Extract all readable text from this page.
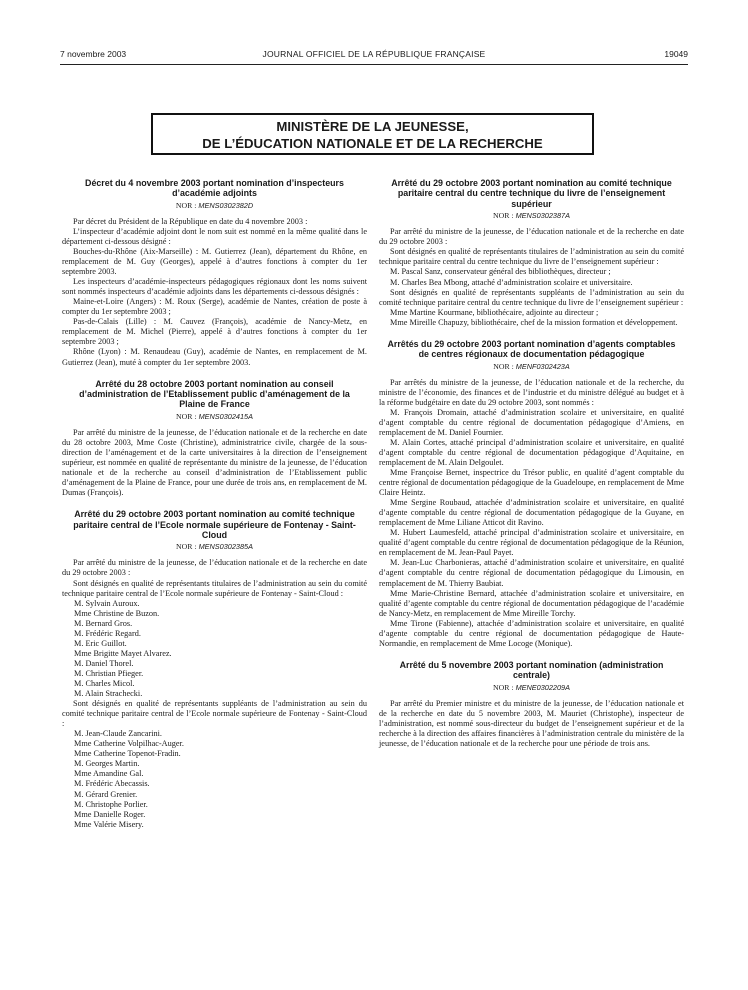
7 novembre 2003	JOURNAL OFFICIEL DE LA RÉPUBLIQUE FRANÇAISE	19049
MINISTÈRE DE LA JEUNESSE,
DE L’ÉDUCATION NATIONALE ET DE LA RECHERCHE
Décret du 4 novembre 2003 portant nomination d’inspecteurs d’académie adjoints
NOR : MENS0302382D

Par décret du Président de la République en date du 4 novembre 2003 :

L’inspecteur d’académie adjoint dont le nom suit est nommé en la même qualité dans le département ci-dessous désigné :

Bouches-du-Rhône (Aix-Marseille) : M. Gutierrez (Jean), département du Rhône, en remplacement de M. Guy (Georges), appelé à d’autres fonctions à compter du 1er septembre 2003.

Les inspecteurs d’académie-inspecteurs pédagogiques régionaux dont les noms suivent sont nommés inspecteurs d’académie adjoints dans les départements ci-dessous désignés :

Maine-et-Loire (Angers) : M. Roux (Serge), académie de Nantes, création de poste à compter du 1er septembre 2003 ;

Pas-de-Calais (Lille) : M. Cauvez (François), académie de Nancy-Metz, en remplacement de M. Michel (Pierre), appelé à d’autres fonctions à compter du 1er septembre 2003 ;

Rhône (Lyon) : M. Renaudeau (Guy), académie de Nantes, en remplacement de M. Gutierrez (Jean), muté à compter du 1er septembre 2003.

Arrêté du 28 octobre 2003 portant nomination au conseil d’administration de l’Etablissement public d’aménagement de la Plaine de France
NOR : MENS0302415A

Par arrêté du ministre de la jeunesse, de l’éducation nationale et de la recherche en date du 28 octobre 2003, Mme Coste (Christine), administratrice civile, chargée de la sous-direction de l’aménagement et de la carte universitaires à la direction de l’enseignement supérieur, est nommée en qualité de représentante du ministre de la jeunesse, de l’éducation nationale et de la recherche au conseil d’administration de l’Etablissement public d’aménagement de la Plaine de France, pour une durée de trois ans, en remplacement de M. Dumas (François).

Arrêté du 29 octobre 2003 portant nomination au comité technique paritaire central de l’Ecole normale supérieure de Fontenay - Saint-Cloud
NOR : MENS0302385A

Par arrêté du ministre de la jeunesse, de l’éducation nationale et de la recherche en date du 29 octobre 2003 :

Sont désignés en qualité de représentants titulaires de l’administration au sein du comité technique paritaire central de l’Ecole normale supérieure de Fontenay - Saint-Cloud :

M. Sylvain Auroux.
Mme Christine de Buzon.
M. Bernard Gros.
M. Frédéric Regard.
M. Eric Guillot.
Mme Brigitte Mayet Alvarez.
M. Daniel Thorel.
M. Christian Pfieger.
M. Charles Micol.
M. Alain Strachecki.

Sont désignés en qualité de représentants suppléants de l’administration au sein du comité technique paritaire central de l’Ecole normale supérieure de Fontenay - Saint-Cloud :

M. Jean-Claude Zancarini.
Mme Catherine Volpilhac-Auger.
Mme Catherine Topenot-Fradin.
M. Georges Martin.
Mme Amandine Gal.
M. Frédéric Abecassis.
M. Gérard Grenier.
M. Christophe Porlier.
Mme Danielle Roger.
Mme Valérie Misery.
Arrêté du 29 octobre 2003 portant nomination au comité technique paritaire central du centre technique du livre de l’enseignement supérieur
NOR : MENS0302387A

Par arrêté du ministre de la jeunesse, de l’éducation nationale et de la recherche en date du 29 octobre 2003 :

Sont désignés en qualité de représentants titulaires de l’administration au sein du comité technique paritaire central du centre technique du livre de l’enseignement supérieur :

M. Pascal Sanz, conservateur général des bibliothèques, directeur ;

M. Charles Bea Mbong, attaché d’administration scolaire et universitaire.

Sont désignés en qualité de représentants suppléants de l’administration au sein du comité technique paritaire central du centre technique du livre de l’enseignement supérieur :

Mme Martine Kourmane, bibliothécaire, adjointe au directeur ;

Mme Mireille Chapuzy, bibliothécaire, chef de la mission formation et développement.

Arrêtés du 29 octobre 2003 portant nomination d’agents comptables de centres régionaux de documentation pédagogique
NOR : MENF0302423A

Par arrêtés du ministre de la jeunesse, de l’éducation nationale et de la recherche, du ministre de l’économie, des finances et de l’industrie et du ministre délégué au budget et à la réforme budgétaire en date du 29 octobre 2003, sont nommés :

M. François Dromain, attaché d’administration scolaire et universitaire, en qualité d’agent comptable du centre régional de documentation pédagogique d’Amiens, en remplacement de M. Daniel Fournier.

M. Alain Cortes, attaché principal d’administration scolaire et universitaire, en qualité d’agent comptable du centre régional de documentation pédagogique d’Aquitaine, en remplacement de M. Alain Delgoulet.

Mme Françoise Bernet, inspectrice du Trésor public, en qualité d’agent comptable du centre régional de documentation pédagogique de la Guadeloupe, en remplacement de Mme Claire Heintz.

Mme Sergine Roubaud, attachée d’administration scolaire et universitaire, en qualité d’agente comptable du centre régional de documentation pédagogique de la Guyane, en remplacement de Mme Liliane Atticot dit Ravino.

M. Hubert Laumesfeld, attaché principal d’administration scolaire et universitaire, en qualité d’agent comptable du centre régional de documentation pédagogique de la Réunion, en remplacement de M. Jean-Paul Payet.

M. Jean-Luc Charbonieras, attaché d’administration scolaire et universitaire, en qualité d’agent comptable du centre régional de documentation pédagogique du Limousin, en remplacement de M. Thierry Baubiat.

Mme Marie-Christine Bernard, attachée d’administration scolaire et universitaire, en qualité d’agente comptable du centre régional de documentation pédagogique de l’académie de Nancy-Metz, en remplacement de Mme Mireille Torchy.

Mme Tirone (Fabienne), attachée d’administration scolaire et universitaire, en qualité d’agente comptable du centre régional de documentation pédagogique de Haute-Normandie, en remplacement de Mme Locoge (Monique).

Arrêté du 5 novembre 2003 portant nomination (administration centrale)
NOR : MENE0302209A

Par arrêté du Premier ministre et du ministre de la jeunesse, de l’éducation nationale et de la recherche en date du 5 novembre 2003, M. Mauriet (Christophe), inspecteur de l’administration, est nommé sous-directeur du budget de l’enseignement supérieur et de la recherche à la direction des affaires financières à l’administration centrale du ministère de la jeunesse, de l’éducation nationale et de la recherche pour une période de trois ans.
